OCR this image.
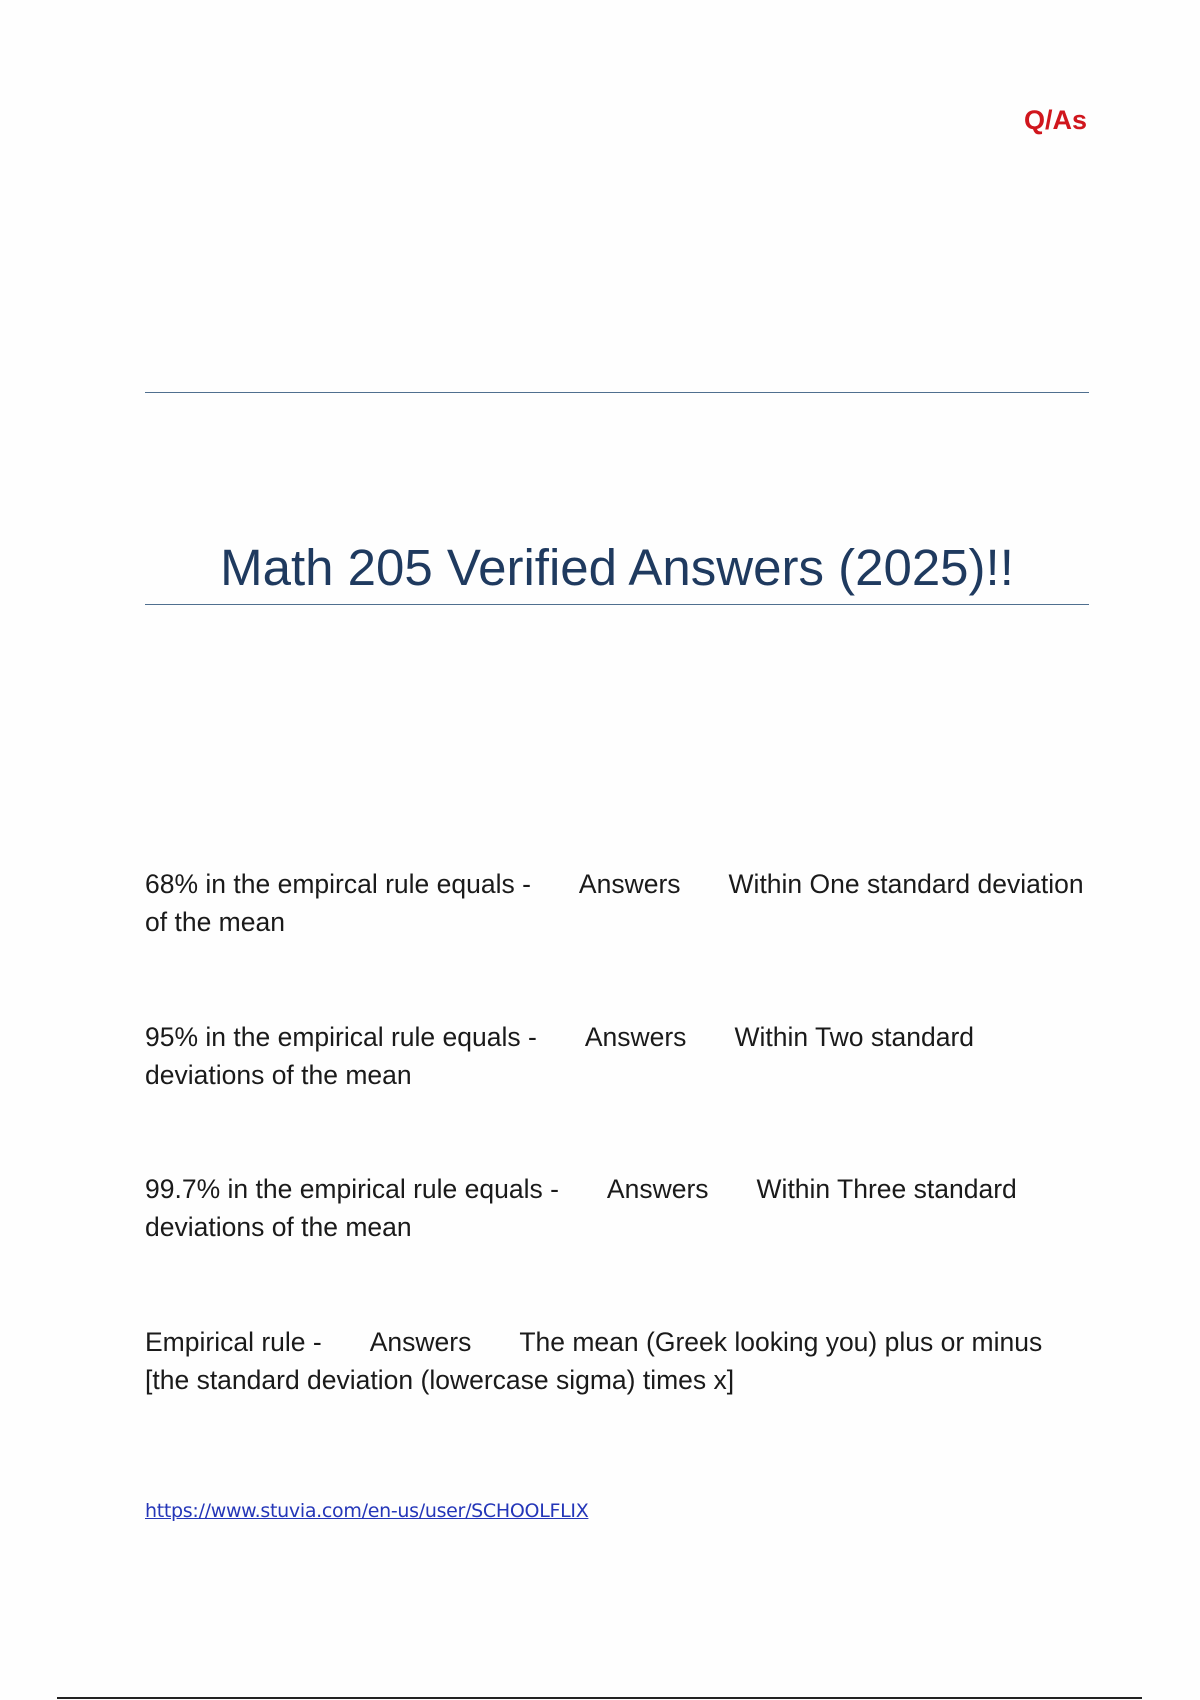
Q/As
Math 205 Verified Answers (2025)!!

68% in the empircal rule equals - Answers Within One standard deviation of the mean

95% in the empirical rule equals - Answers Within Two standard deviations of the mean

99.7% in the empirical rule equals - Answers Within Three standard deviations of the mean

Empirical rule - Answers The mean (Greek looking you) plus or minus [the standard deviation (lowercase sigma) times x]

https://www.stuvia.com/en-us/user/SCHOOLFLIX
